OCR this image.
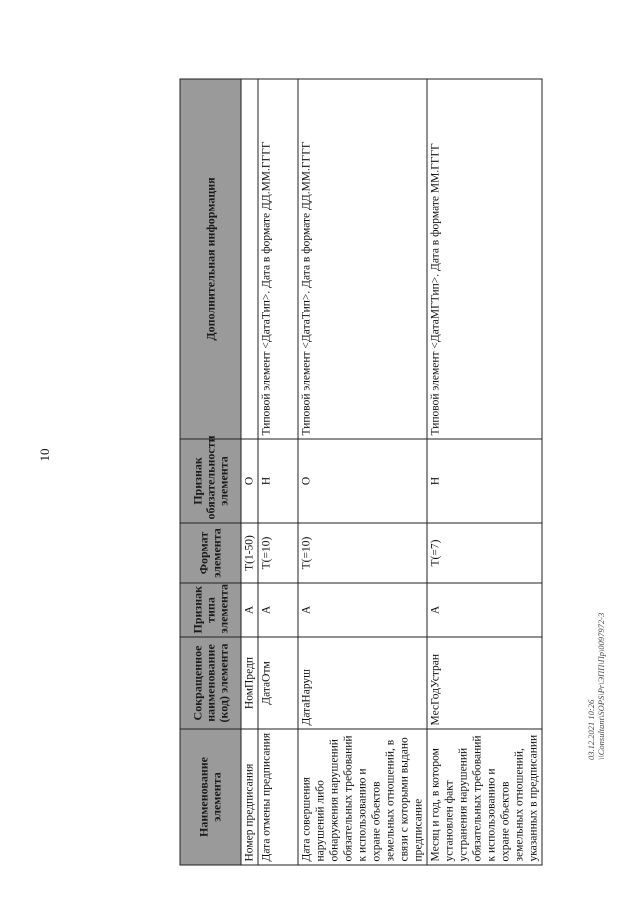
10
Наименование элемента	Сокращенное наименование (код) элемента	Признак типа элемента	Формат элемента	Признак обязательности элемента	Дополнительная информация
Номер предписания	НомПредп	А	T(1-50)	О	
Дата отмены предписания	ДатаОтм	А	T(=10)	Н	Типовой элемент <ДатаТип>. Дата в формате ДД.ММ.ГГГГ
Дата совершения нарушений либо обнаружения нарушений обязательных требований к использованию и охране объектов земельных отношений, в связи с которыми выдано предписание	ДатаНаруш	А	T(=10)	О	Типовой элемент <ДатаТип>. Дата в формате ДД.ММ.ГГГГ
Месяц и год, в котором установлен факт устранения нарушений обязательных требований к использованию и охране объектов земельных отношений, указанных в предписании	МесГодУстран	А	T(=7)	Н	Типовой элемент <ДатаМГТип>. Дата в формате ММ.ГГГГ
03.12.2021 10:26 \\Consultant\SOPS\Pr\ЭПП\Пр\0097972-3
